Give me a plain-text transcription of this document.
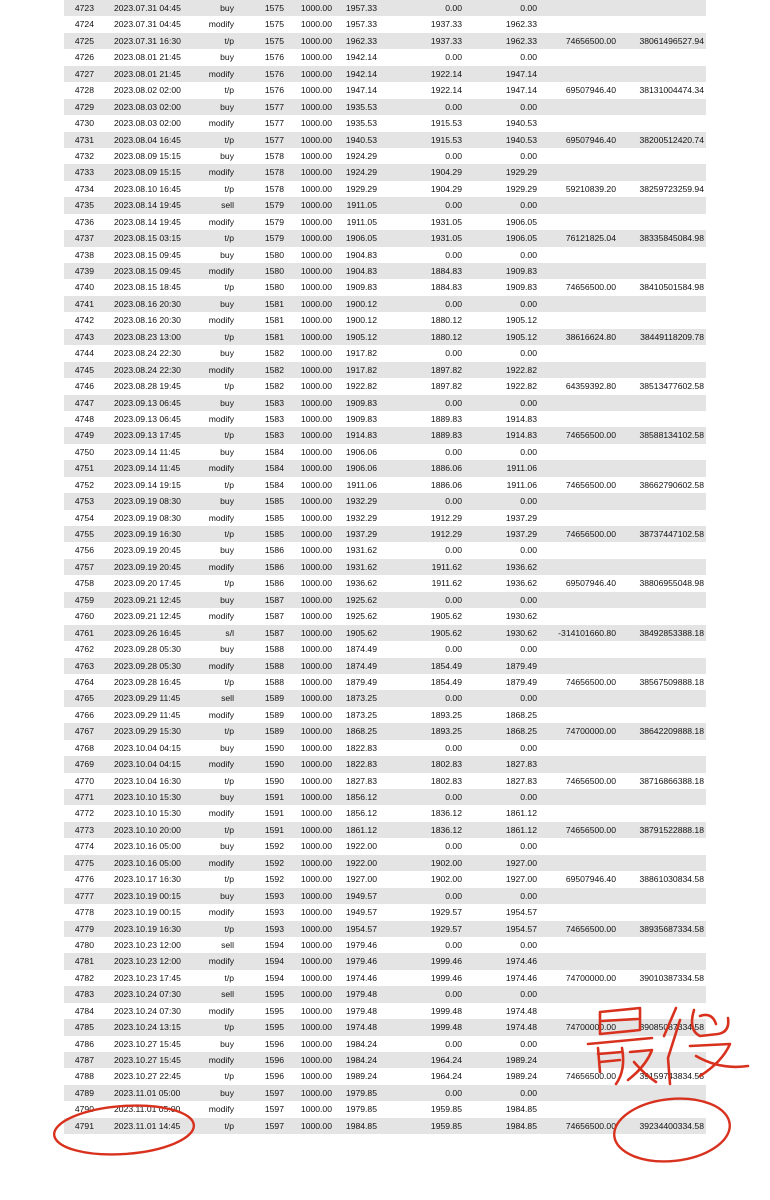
4723 2023.07.31 04:45	buy	1575	1000.00	1957.33	0.00	0.00
4724 2023.07.31 04:45	modify	1575	1000.00	1957.33	1937.33	1962.33
4725 2023.07.31 16:30	t/p	1575	1000.00	1962.33	1937.33	1962.33	74656500.00	38061496527.94
4726 2023.08.01 21:45	buy	1576	1000.00	1942.14	0.00	0.00
4727 2023.08.01 21:45	modify	1576	1000.00	1942.14	1922.14	1947.14
4728 2023.08.02 02:00	t/p	1576	1000.00	1947.14	1922.14	1947.14	69507946.40	38131004474.34
4729 2023.08.03 02:00	buy	1577	1000.00	1935.53	0.00	0.00
4730 2023.08.03 02:00	modify	1577	1000.00	1935.53	1915.53	1940.53
4731 2023.08.04 16:45	t/p	1577	1000.00	1940.53	1915.53	1940.53	69507946.40	38200512420.74
4732 2023.08.09 15:15	buy	1578	1000.00	1924.29	0.00	0.00
4733 2023.08.09 15:15	modify	1578	1000.00	1924.29	1904.29	1929.29
4734 2023.08.10 16:45	t/p	1578	1000.00	1929.29	1904.29	1929.29	59210839.20	38259723259.94
4735 2023.08.14 19:45	sell	1579	1000.00	1911.05	0.00	0.00
4736 2023.08.14 19:45	modify	1579	1000.00	1911.05	1931.05	1906.05
4737 2023.08.15 03:15	t/p	1579	1000.00	1906.05	1931.05	1906.05	76121825.04	38335845084.98
4738 2023.08.15 09:45	buy	1580	1000.00	1904.83	0.00	0.00
4739 2023.08.15 09:45	modify	1580	1000.00	1904.83	1884.83	1909.83
4740 2023.08.15 18:45	t/p	1580	1000.00	1909.83	1884.83	1909.83	74656500.00	38410501584.98
4741 2023.08.16 20:30	buy	1581	1000.00	1900.12	0.00	0.00
4742 2023.08.16 20:30	modify	1581	1000.00	1900.12	1880.12	1905.12
4743 2023.08.23 13:00	t/p	1581	1000.00	1905.12	1880.12	1905.12	38616624.80	38449118209.78
4744 2023.08.24 22:30	buy	1582	1000.00	1917.82	0.00	0.00
4745 2023.08.24 22:30	modify	1582	1000.00	1917.82	1897.82	1922.82
4746 2023.08.28 19:45	t/p	1582	1000.00	1922.82	1897.82	1922.82	64359392.80	38513477602.58
4747 2023.09.13 06:45	buy	1583	1000.00	1909.83	0.00	0.00
4748 2023.09.13 06:45	modify	1583	1000.00	1909.83	1889.83	1914.83
4749 2023.09.13 17:45	t/p	1583	1000.00	1914.83	1889.83	1914.83	74656500.00	38588134102.58
4750 2023.09.14 11:45	buy	1584	1000.00	1906.06	0.00	0.00
4751 2023.09.14 11:45	modify	1584	1000.00	1906.06	1886.06	1911.06
4752 2023.09.14 19:15	t/p	1584	1000.00	1911.06	1886.06	1911.06	74656500.00	38662790602.58
4753 2023.09.19 08:30	buy	1585	1000.00	1932.29	0.00	0.00
4754 2023.09.19 08:30	modify	1585	1000.00	1932.29	1912.29	1937.29
4755 2023.09.19 16:30	t/p	1585	1000.00	1937.29	1912.29	1937.29	74656500.00	38737447102.58
4756 2023.09.19 20:45	buy	1586	1000.00	1931.62	0.00	0.00
4757 2023.09.19 20:45	modify	1586	1000.00	1931.62	1911.62	1936.62
4758 2023.09.20 17:45	t/p	1586	1000.00	1936.62	1911.62	1936.62	69507946.40	38806955048.98
4759 2023.09.21 12:45	buy	1587	1000.00	1925.62	0.00	0.00
4760 2023.09.21 12:45	modify	1587	1000.00	1925.62	1905.62	1930.62
4761 2023.09.26 16:45	s/l	1587	1000.00	1905.62	1905.62	1930.62	-314101660.80	38492853388.18
4762 2023.09.28 05:30	buy	1588	1000.00	1874.49	0.00	0.00
4763 2023.09.28 05:30	modify	1588	1000.00	1874.49	1854.49	1879.49
4764 2023.09.28 16:45	t/p	1588	1000.00	1879.49	1854.49	1879.49	74656500.00	38567509888.18
4765 2023.09.29 11:45	sell	1589	1000.00	1873.25	0.00	0.00
4766 2023.09.29 11:45	modify	1589	1000.00	1873.25	1893.25	1868.25
4767 2023.09.29 15:30	t/p	1589	1000.00	1868.25	1893.25	1868.25	74700000.00	38642209888.18
4768 2023.10.04 04:15	buy	1590	1000.00	1822.83	0.00	0.00
4769 2023.10.04 04:15	modify	1590	1000.00	1822.83	1802.83	1827.83
4770 2023.10.04 16:30	t/p	1590	1000.00	1827.83	1802.83	1827.83	74656500.00	38716866388.18
4771 2023.10.10 15:30	buy	1591	1000.00	1856.12	0.00	0.00
4772 2023.10.10 15:30	modify	1591	1000.00	1856.12	1836.12	1861.12
4773 2023.10.10 20:00	t/p	1591	1000.00	1861.12	1836.12	1861.12	74656500.00	38791522888.18
4774 2023.10.16 05:00	buy	1592	1000.00	1922.00	0.00	0.00
4775 2023.10.16 05:00	modify	1592	1000.00	1922.00	1902.00	1927.00
4776 2023.10.17 16:30	t/p	1592	1000.00	1927.00	1902.00	1927.00	69507946.40	38861030834.58
4777 2023.10.19 00:15	buy	1593	1000.00	1949.57	0.00	0.00
4778 2023.10.19 00:15	modify	1593	1000.00	1949.57	1929.57	1954.57
4779 2023.10.19 16:30	t/p	1593	1000.00	1954.57	1929.57	1954.57	74656500.00	38935687334.58
4780 2023.10.23 12:00	sell	1594	1000.00	1979.46	0.00	0.00
4781 2023.10.23 12:00	modify	1594	1000.00	1979.46	1999.46	1974.46
4782 2023.10.23 17:45	t/p	1594	1000.00	1974.46	1999.46	1974.46	74700000.00	39010387334.58
4783 2023.10.24 07:30	sell	1595	1000.00	1979.48	0.00	0.00
4784 2023.10.24 07:30	modify	1595	1000.00	1979.48	1999.48	1974.48
4785 2023.10.24 13:15	t/p	1595	1000.00	1974.48	1999.48	1974.48	74700000.00	39085087334.58
4786 2023.10.27 15:45	buy	1596	1000.00	1984.24	0.00	0.00
4787 2023.10.27 15:45	modify	1596	1000.00	1984.24	1964.24	1989.24
4788 2023.10.27 22:45	t/p	1596	1000.00	1989.24	1964.24	1989.24	74656500.00	39159743834.58
4789 2023.11.01 05:00	buy	1597	1000.00	1979.85	0.00	0.00
4790 2023.11.01 05:00	modify	1597	1000.00	1979.85	1959.85	1984.85
4791 2023.11.01 14:45	t/p	1597	1000.00	1984.85	1959.85	1984.85	74656500.00	39234400334.58
